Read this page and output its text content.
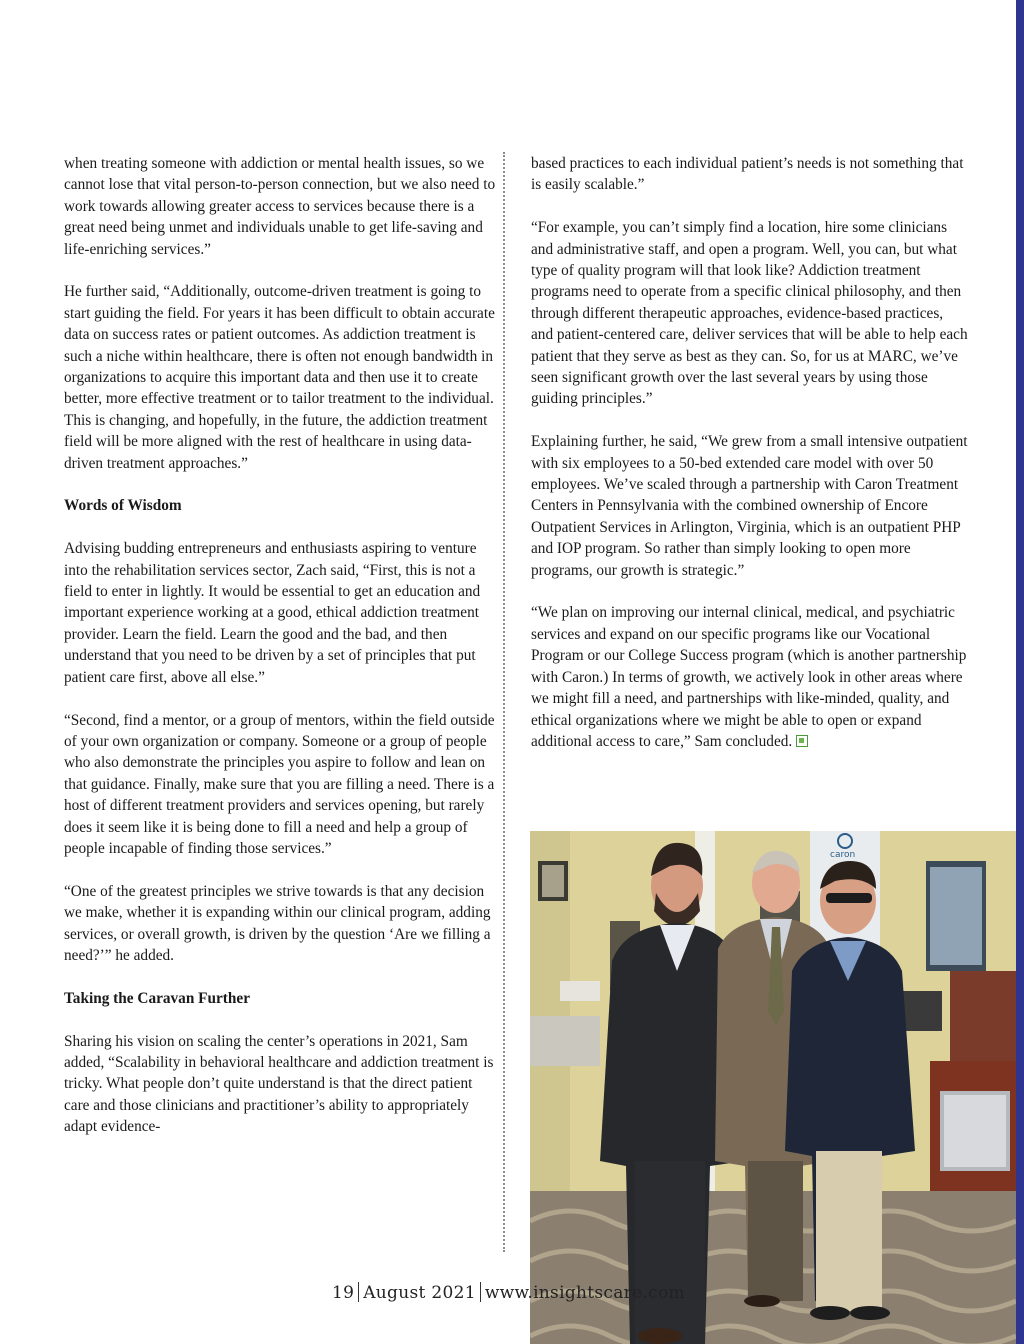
when treating someone with addiction or mental health issues, so we cannot lose that vital person-to-person connection, but we also need to work towards allowing greater access to services because there is a great need being unmet and individuals unable to get life-saving and life-enriching services.”

He further said, “Additionally, outcome-driven treatment is going to start guiding the field. For years it has been difficult to obtain accurate data on success rates or patient outcomes. As addiction treatment is such a niche within healthcare, there is often not enough bandwidth in organizations to acquire this important data and then use it to create better, more effective treatment or to tailor treatment to the individual. This is changing, and hopefully, in the future, the addiction treatment field will be more aligned with the rest of healthcare in using data-driven treatment approaches.”

Words of Wisdom

Advising budding entrepreneurs and enthusiasts aspiring to venture into the rehabilitation services sector, Zach said, “First, this is not a field to enter in lightly. It would be essential to get an education and important experience working at a good, ethical addiction treatment provider. Learn the field. Learn the good and the bad, and then understand that you need to be driven by a set of principles that put patient care first, above all else.”

“Second, find a mentor, or a group of mentors, within the field outside of your own organization or company. Someone or a group of people who also demonstrate the principles you aspire to follow and lean on that guidance. Finally, make sure that you are filling a need. There is a host of different treatment providers and services opening, but rarely does it seem like it is being done to fill a need and help a group of people incapable of finding those services.”

“One of the greatest principles we strive towards is that any decision we make, whether it is expanding within our clinical program, adding services, or overall growth, is driven by the question ‘Are we filling a need?’” he added.

Taking the Caravan Further

Sharing his vision on scaling the center’s operations in 2021, Sam added, “Scalability in behavioral healthcare and addiction treatment is tricky. What people don’t quite understand is that the direct patient care and those clinicians and practitioner’s ability to appropriately adapt evidence-

based practices to each individual patient’s needs is not something that is easily scalable.”

“For example, you can’t simply find a location, hire some clinicians and administrative staff, and open a program. Well, you can, but what type of quality program will that look like? Addiction treatment programs need to operate from a specific clinical philosophy, and then through different therapeutic approaches, evidence-based practices, and patient-centered care, deliver services that will be able to help each patient that they serve as best as they can. So, for us at MARC, we’ve seen significant growth over the last several years by using those guiding principles.”

Explaining further, he said, “We grew from a small intensive outpatient with six employees to a 50-bed extended care model with over 50 employees. We’ve scaled through a partnership with Caron Treatment Centers in Pennsylvania with the combined ownership of Encore Outpatient Services in Arlington, Virginia, which is an outpatient PHP and IOP program. So rather than simply looking to open more programs, our growth is strategic.”

“We plan on improving our internal clinical, medical, and psychiatric services and expand on our specific programs like our Vocational Program or our College Success program (which is another partnership with Caron.) In terms of growth, we actively look in other areas where we might fill a need, and partnerships with like-minded, quality, and ethical organizations where we might be able to open or expand additional access to care,” Sam concluded.

caron
19 August 2021 www.insightscare.com
